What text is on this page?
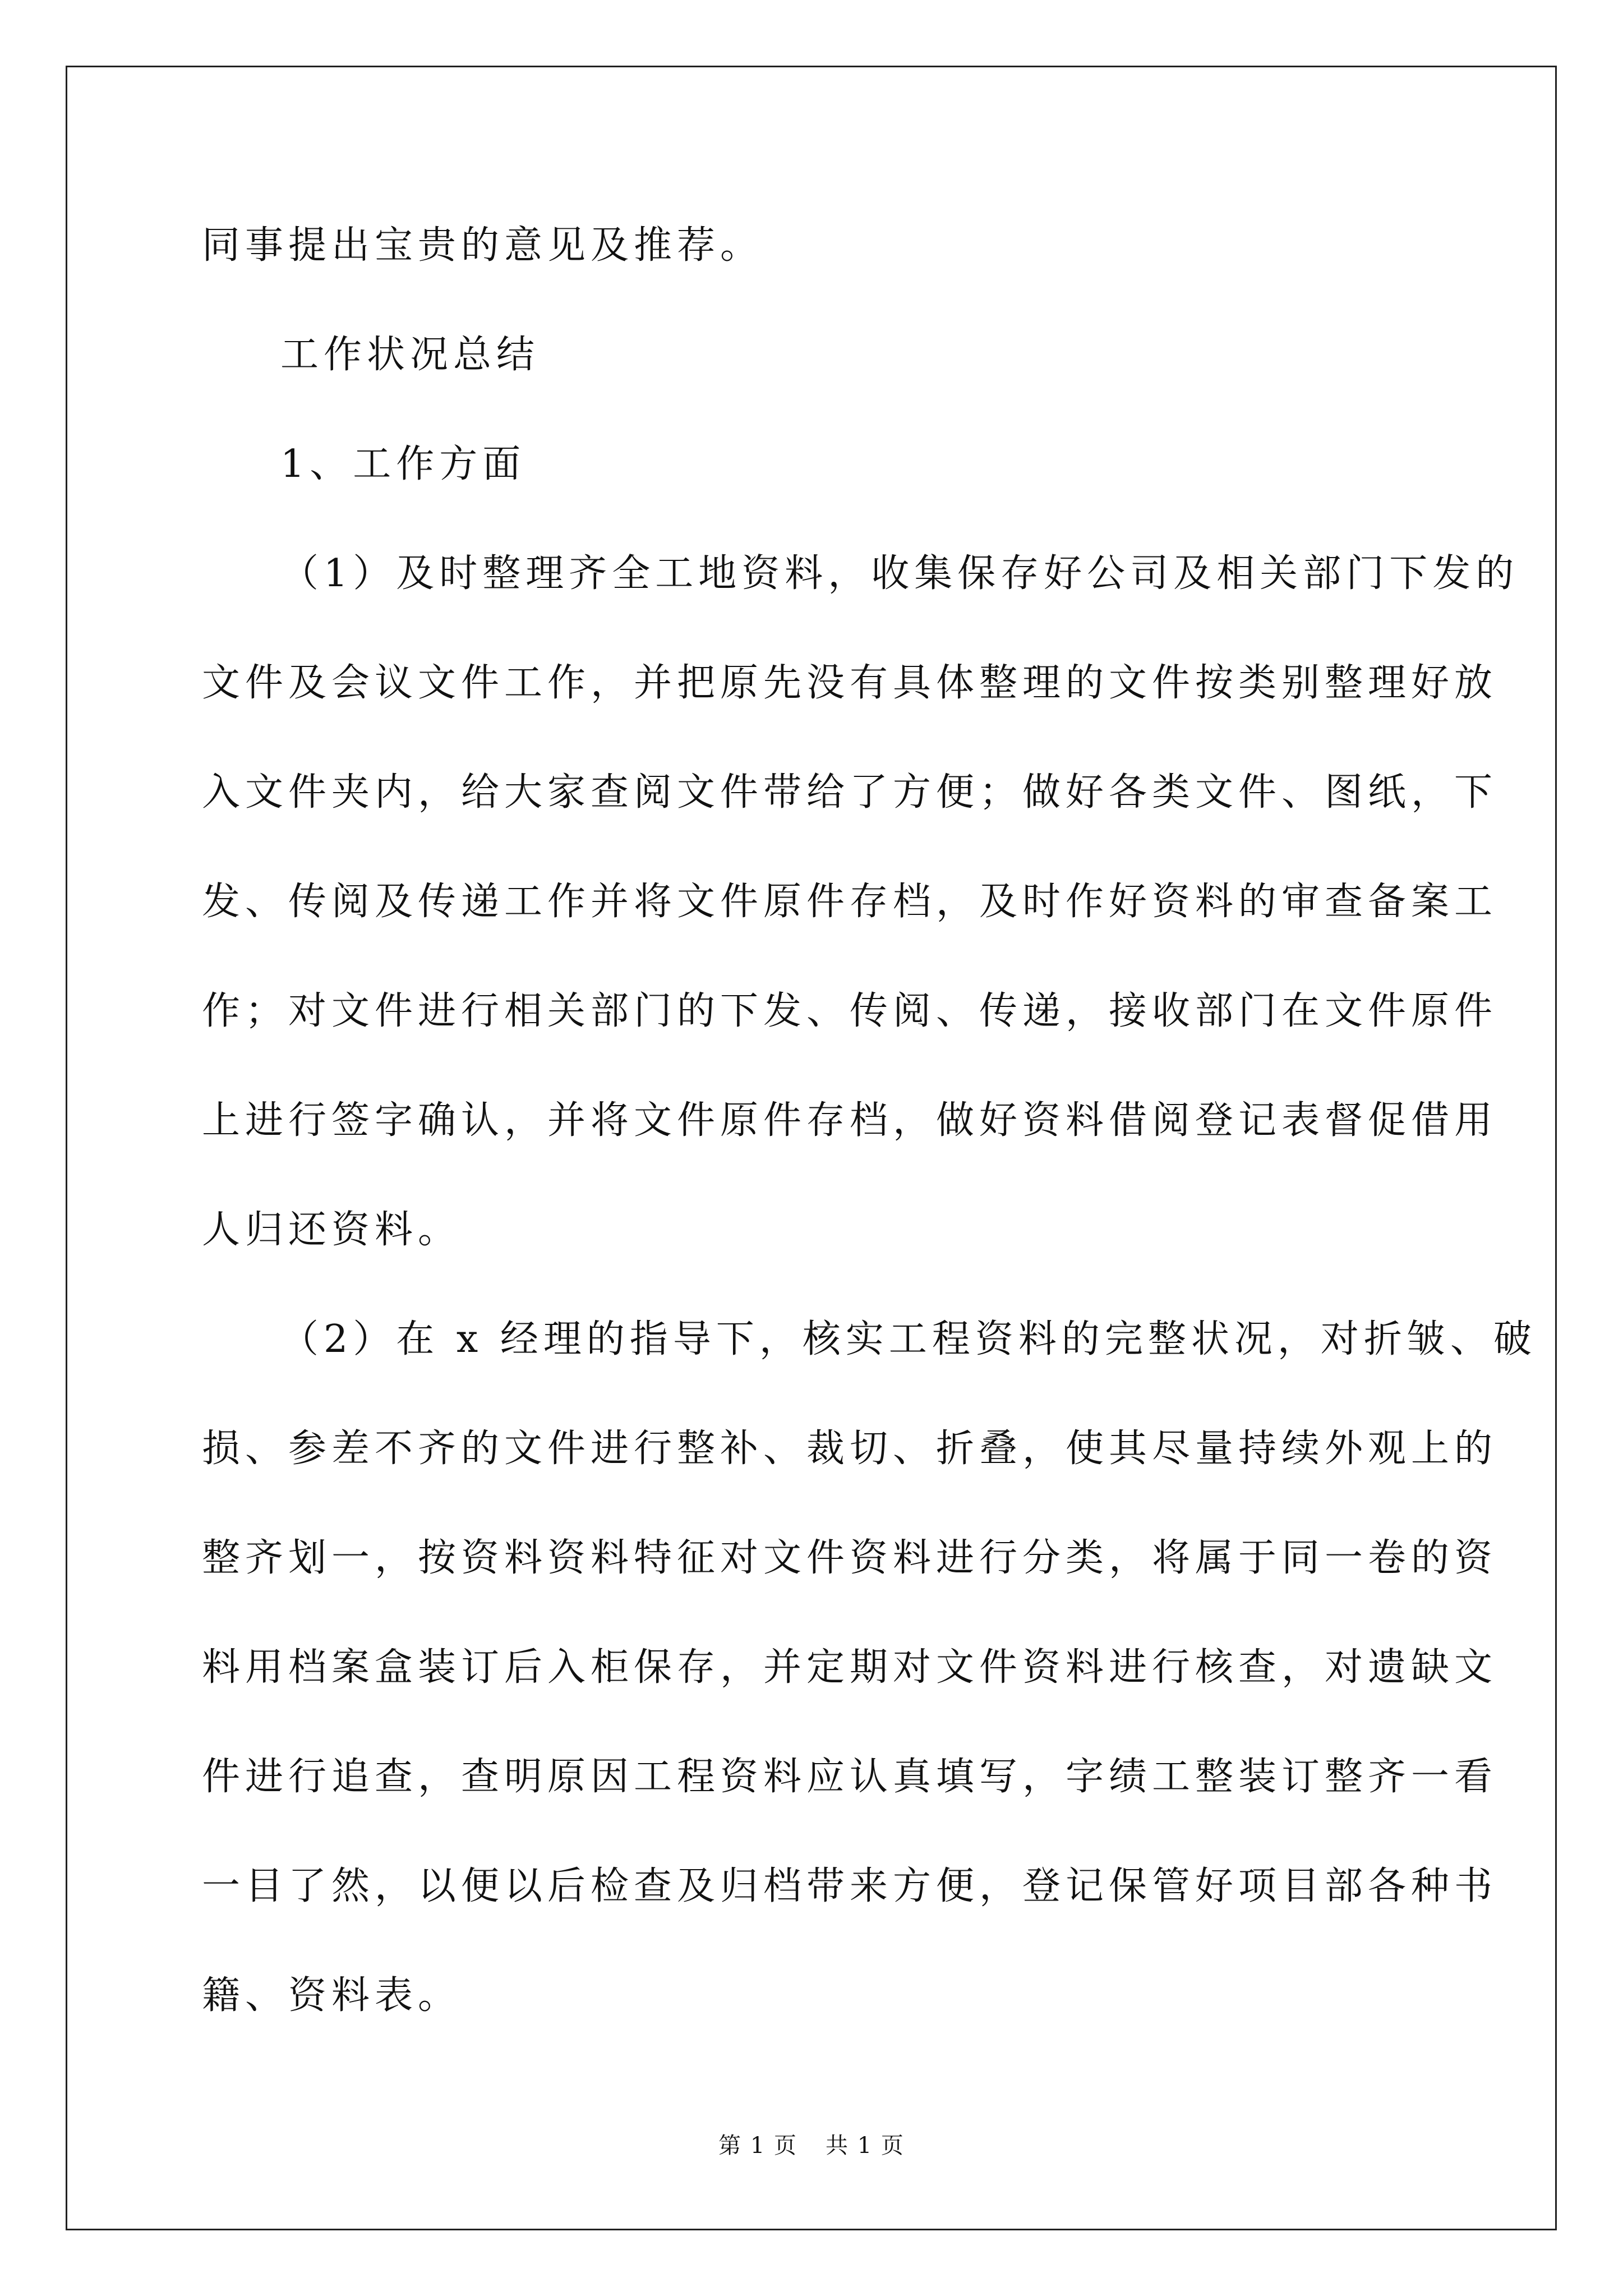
同事提出宝贵的意见及推荐。
工作状况总结
1、工作方面
（1）及时整理齐全工地资料，收集保存好公司及相关部门下发的
文件及会议文件工作，并把原先没有具体整理的文件按类别整理好放
入文件夹内，给大家查阅文件带给了方便；做好各类文件、图纸，下
发、传阅及传递工作并将文件原件存档，及时作好资料的审查备案工
作；对文件进行相关部门的下发、传阅、传递，接收部门在文件原件
上进行签字确认，并将文件原件存档，做好资料借阅登记表督促借用
人归还资料。
（2）在 x 经理的指导下，核实工程资料的完整状况，对折皱、破
损、参差不齐的文件进行整补、裁切、折叠，使其尽量持续外观上的
整齐划一，按资料资料特征对文件资料进行分类，将属于同一卷的资
料用档案盒装订后入柜保存，并定期对文件资料进行核查，对遗缺文
件进行追查，查明原因工程资料应认真填写，字绩工整装订整齐一看
一目了然，以便以后检查及归档带来方便，登记保管好项目部各种书
籍、资料表。
第 1 页 共 1 页
